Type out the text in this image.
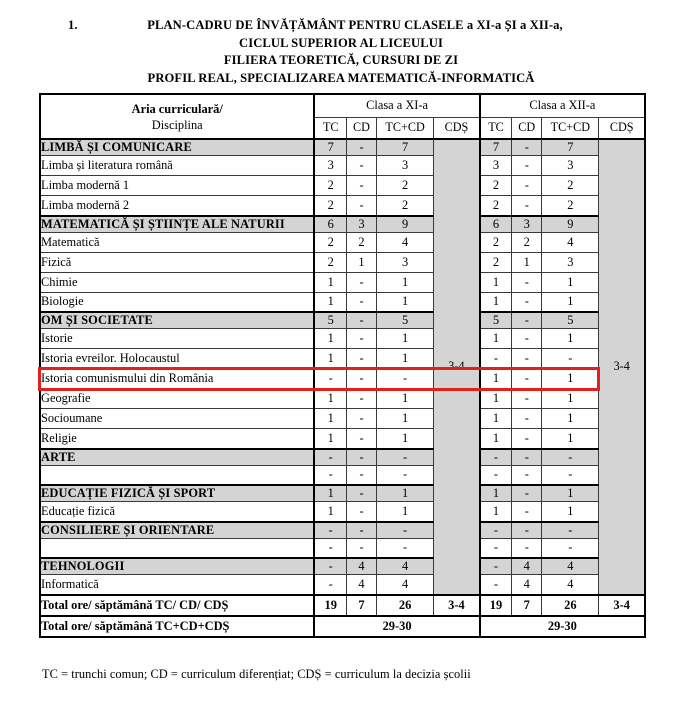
1.	PLAN-CADRU DE ÎNVĂȚĂMÂNT PENTRU CLASELE a XI-a ȘI a XII-a,
CICLUL SUPERIOR AL LICEULUI
FILIERA TEORETICĂ, CURSURI DE ZI
PROFIL REAL, SPECIALIZAREA MATEMATICĂ-INFORMATICĂ
Aria curriculară/
Disciplina	Clasa a XI-a				Clasa a XII-a			
	TC	CD	TC+CD	CDȘ	TC	CD	TC+CD	CDȘ
LIMBĂ ȘI COMUNICARE	7	-	7	3-4	7	-	7	3-4
Limba și literatura română	3	-	3		3	-	3	
Limba modernă 1	2	-	2		2	-	2	
Limba modernă 2	2	-	2		2	-	2	
MATEMATICĂ ȘI ȘTIINȚE ALE NATURII	6	3	9		6	3	9	
Matematică	2	2	4		2	2	4	
Fizică	2	1	3		2	1	3	
Chimie	1	-	1		1	-	1	
Biologie	1	-	1		1	-	1	
OM ȘI SOCIETATE	5	-	5		5	-	5	
Istorie	1	-	1		1	-	1	
Istoria evreilor. Holocaustul	1	-	1		-	-	-	
Istoria comunismului din România	-	-	-		1	-	1	
Geografie	1	-	1		1	-	1	
Socioumane	1	-	1		1	-	1	
Religie	1	-	1		1	-	1	
ARTE	-	-	-		-	-	-	
	-	-	-		-	-	-	
EDUCAȚIE FIZICĂ ȘI SPORT	1	-	1		1	-	1	
Educație fizică	1	-	1		1	-	1	
CONSILIERE ȘI ORIENTARE	-	-	-		-	-	-	
	-	-	-		-	-	-	
TEHNOLOGII	-	4	4		-	4	4	
Informatică	-	4	4		-	4	4	
Total ore/ săptămână TC/ CD/ CDȘ	19	7	26	3-4	19	7	26	3-4
Total ore/ săptămână TC+CD+CDȘ	29-30				29-30			
TC = trunchi comun; CD = curriculum diferențiat; CDȘ = curriculum la decizia școlii
